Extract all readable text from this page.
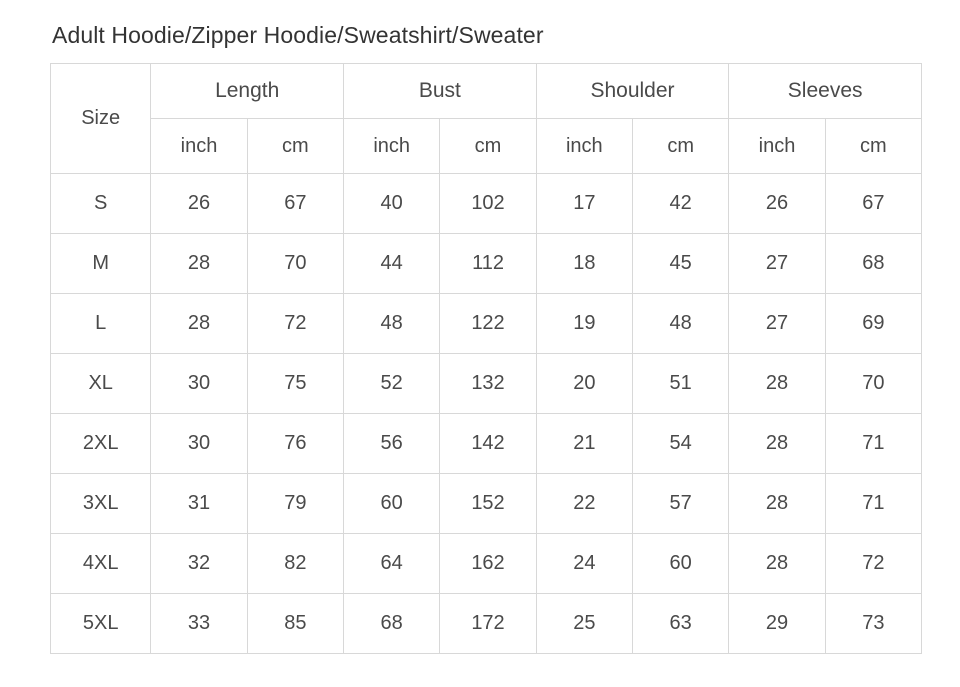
Adult Hoodie/Zipper Hoodie/Sweatshirt/Sweater
Size	Length		Bust		Shoulder		Sleeves	
	inch	cm	inch	cm	inch	cm	inch	cm
S	26	67	40	102	17	42	26	67
M	28	70	44	112	18	45	27	68
L	28	72	48	122	19	48	27	69
XL	30	75	52	132	20	51	28	70
2XL	30	76	56	142	21	54	28	71
3XL	31	79	60	152	22	57	28	71
4XL	32	82	64	162	24	60	28	72
5XL	33	85	68	172	25	63	29	73
